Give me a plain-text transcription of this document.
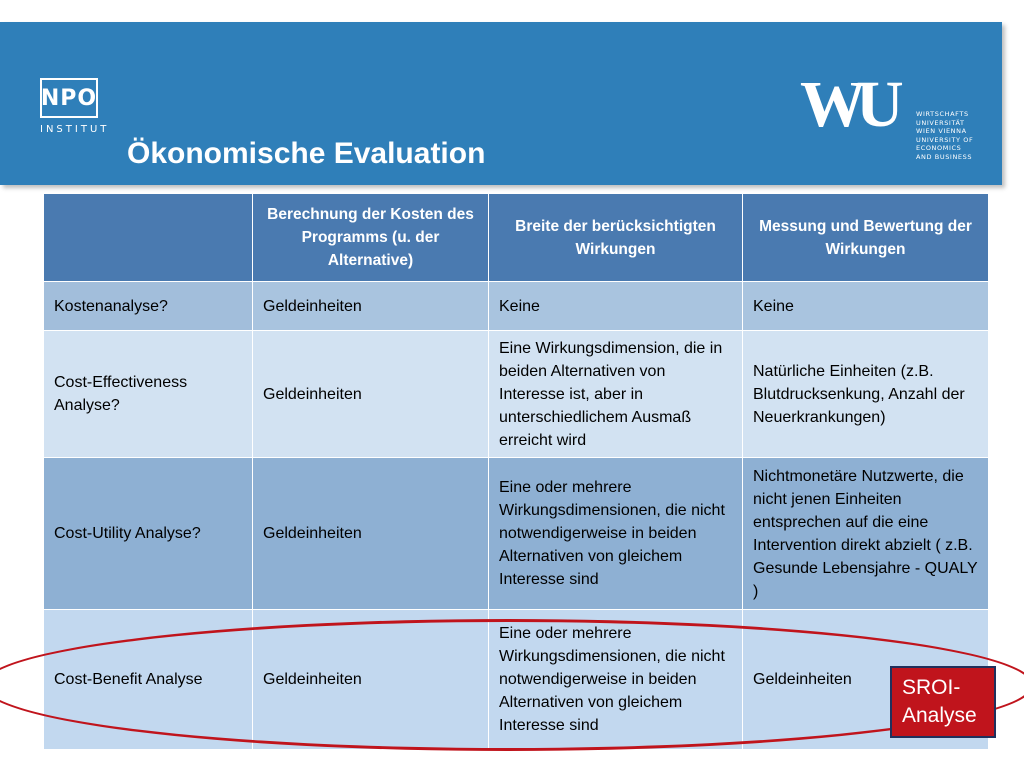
NPO
INSTITUT
Ökonomische Evaluation
WU	WIRTSCHAFTS
UNIVERSITÄT
WIEN VIENNA
UNIVERSITY OF
ECONOMICS
AND BUSINESS
	Berechnung der Kosten des Programms (u. der Alternative)	Breite der berücksichtigten Wirkungen	Messung und Bewertung der Wirkungen
Kostenanalyse?	Geldeinheiten	Keine	Keine
Cost-Effectiveness Analyse?	Geldeinheiten	Eine Wirkungsdimension, die in beiden Alternativen von Interesse ist, aber in unterschiedlichem Ausmaß erreicht wird	Natürliche Einheiten (z.B. Blutdrucksenkung, Anzahl der Neuerkrankungen)
Cost-Utility Analyse?	Geldeinheiten	Eine oder mehrere Wirkungsdimensionen, die nicht notwendigerweise in beiden Alternativen von gleichem Interesse sind	Nichtmonetäre Nutzwerte, die nicht jenen Einheiten entsprechen auf die eine Intervention direkt abzielt ( z.B. Gesunde Lebensjahre - QUALY )
Cost-Benefit Analyse	Geldeinheiten	Eine oder mehrere Wirkungsdimensionen, die nicht notwendigerweise in beiden Alternativen von gleichem Interesse sind	Geldeinheiten	SROI-Analyse
